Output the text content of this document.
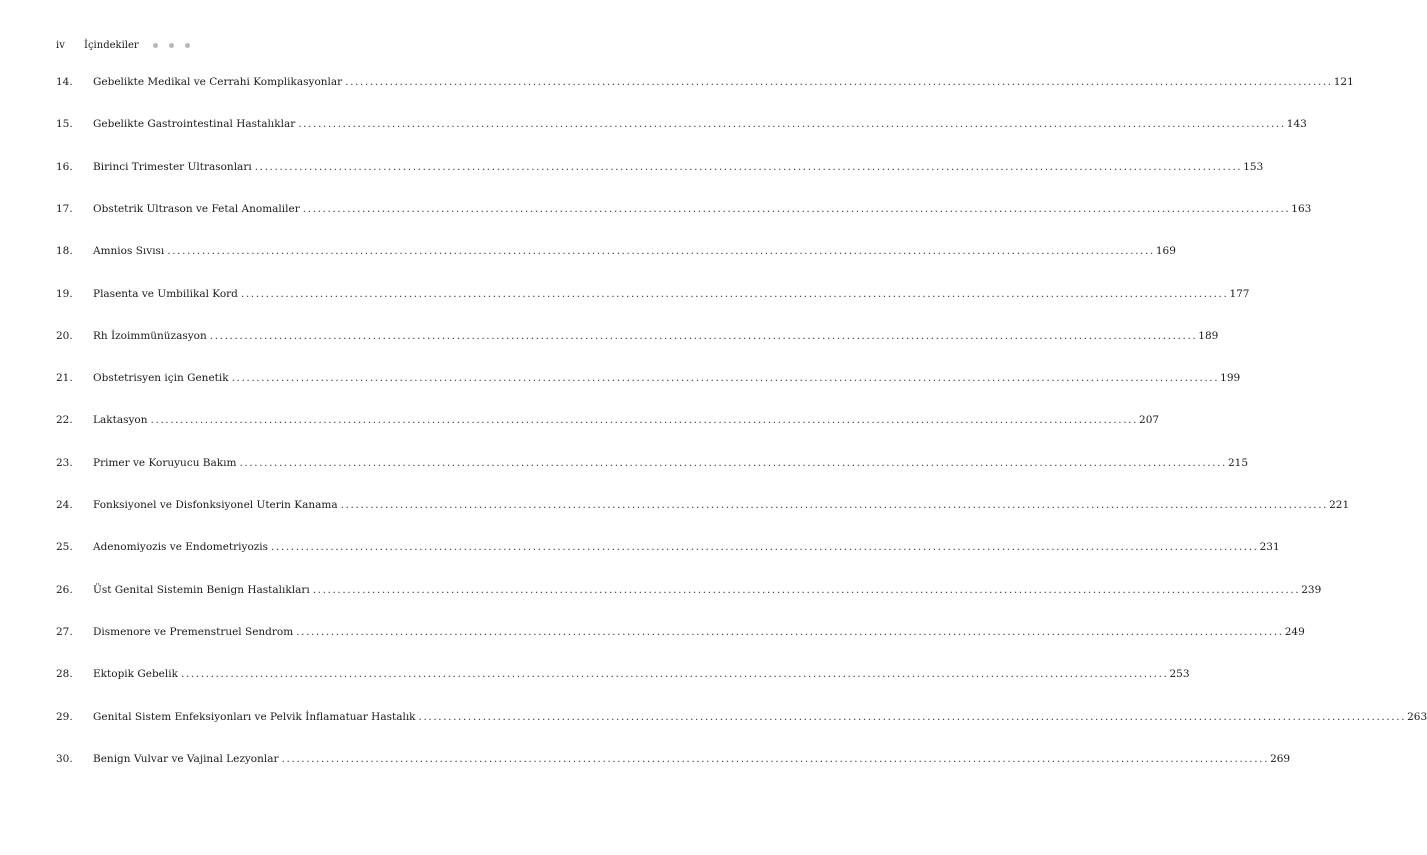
iv	İçindekiler
14.	Gebelikte Medikal ve Cerrahi Komplikasyonlar ........................................................................................................................................................................................................ 121
15.	Gebelikte Gastrointestinal Hastalıklar ........................................................................................................................................................................................................ 143
16.	Birinci Trimester Ultrasonları ........................................................................................................................................................................................................ 153
17.	Obstetrik Ultrason ve Fetal Anomaliler ........................................................................................................................................................................................................ 163
18.	Amnios Sıvısı ........................................................................................................................................................................................................ 169
19.	Plasenta ve Umbilikal Kord ........................................................................................................................................................................................................ 177
20.	Rh İzoimmünüzasyon ........................................................................................................................................................................................................ 189
21.	Obstetrisyen için Genetik ........................................................................................................................................................................................................ 199
22.	Laktasyon ........................................................................................................................................................................................................ 207
23.	Primer ve Koruyucu Bakım ........................................................................................................................................................................................................ 215
24.	Fonksiyonel ve Disfonksiyonel Uterin Kanama ........................................................................................................................................................................................................ 221
25.	Adenomiyozis ve Endometriyozis ........................................................................................................................................................................................................ 231
26.	Üst Genital Sistemin Benign Hastalıkları ........................................................................................................................................................................................................ 239
27.	Dismenore ve Premenstruel Sendrom ........................................................................................................................................................................................................ 249
28.	Ektopik Gebelik ........................................................................................................................................................................................................ 253
29.	Genital Sistem Enfeksiyonları ve Pelvik İnflamatuar Hastalık ........................................................................................................................................................................................................ 263
30.	Benign Vulvar ve Vajinal Lezyonlar ........................................................................................................................................................................................................ 269
